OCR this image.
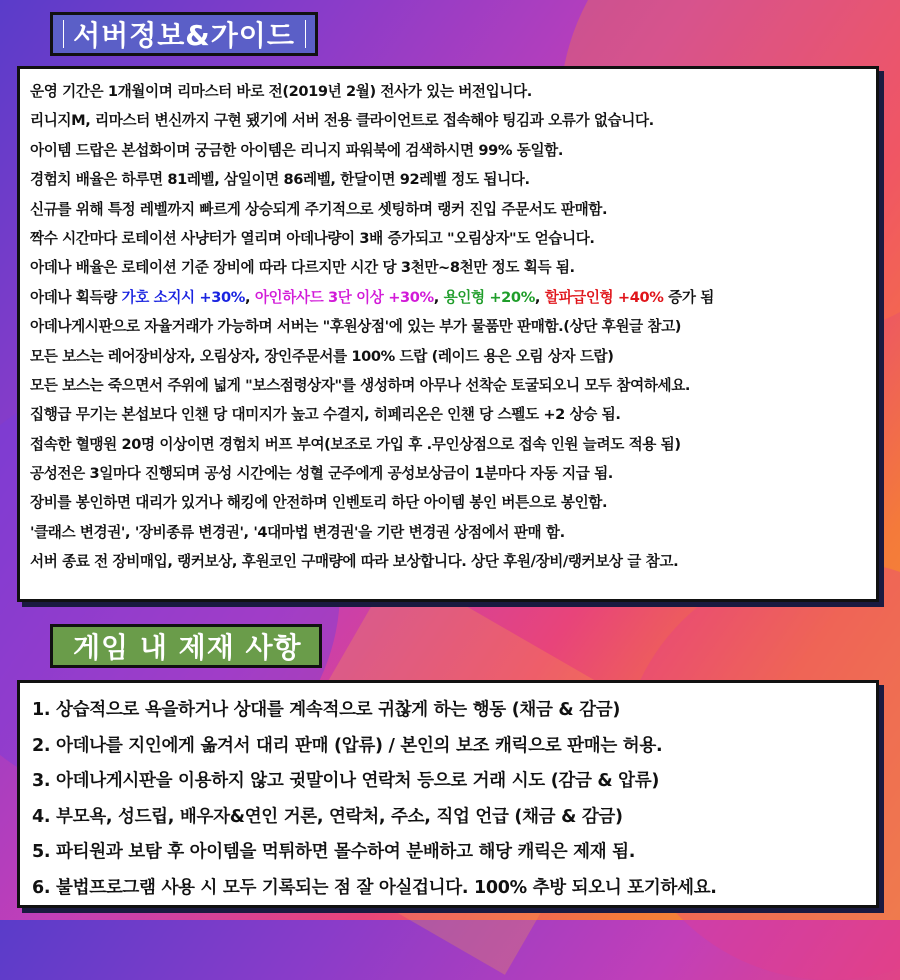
서버정보&가이드
운영 기간은 1개월이며 리마스터 바로 전(2019년 2월) 전사가 있는 버전입니다.
리니지M, 리마스터 변신까지 구현 됐기에 서버 전용 클라이언트로 접속해야 팅김과 오류가 없습니다.
아이템 드랍은 본섭화이며 궁금한 아이템은 리니지 파워북에 검색하시면 99% 동일함.
경험치 배율은 하루면 81레벨, 삼일이면 86레벨, 한달이면 92레벨 정도 됩니다.
신규를 위해 특정 레벨까지 빠르게 상승되게 주기적으로 셋팅하며 랭커 진입 주문서도 판매함.
짝수 시간마다 로테이션 사냥터가 열리며 아데나량이 3배 증가되고 "오림상자"도 얻습니다.
아데나 배율은 로테이션 기준 장비에 따라 다르지만 시간 당 3천만~8천만 정도 획득 됨.
아데나 획득량 가호 소지시 +30%, 아인하사드 3단 이상 +30%, 용인형 +20%, 할파급인형 +40% 증가 됨
아데나게시판으로 자율거래가 가능하며 서버는 "후원상점'에 있는 부가 물품만 판매함.(상단 후원글 참고)
모든 보스는 레어장비상자, 오림상자, 장인주문서를 100% 드랍 (레이드 용은 오림 상자 드랍)
모든 보스는 죽으면서 주위에 넓게 "보스점령상자"를 생성하며 아무나 선착순 토굴되오니 모두 참여하세요.
집행급 무기는 본섭보다 인챈 당 대미지가 높고 수결지, 히페리온은 인챈 당 스펠도 +2 상승 됨.
접속한 혈맹원 20명 이상이면 경험치 버프 부여(보조로 가입 후 .무인상점으로 접속 인원 늘려도 적용 됨)
공성전은 3일마다 진행되며 공성 시간에는 성혈 군주에게 공성보상금이 1분마다 자동 지급 됨.
장비를 봉인하면 대리가 있거나 해킹에 안전하며 인벤토리 하단 아이템 봉인 버튼으로 봉인함.
'클래스 변경권', '장비종류 변경권', '4대마법 변경권'을 기란 변경권 상점에서 판매 함.
서버 종료 전 장비매입, 랭커보상, 후원코인 구매량에 따라 보상합니다. 상단 후원/장비/랭커보상 글 참고.
게임 내 제재 사항
1. 상습적으로 욕을하거나 상대를 계속적으로 귀찮게 하는 행동 (채금 & 감금)
2. 아데나를 지인에게 옮겨서 대리 판매 (압류) / 본인의 보조 캐릭으로 판매는 허용.
3. 아데나게시판을 이용하지 않고 귓말이나 연락처 등으로 거래 시도 (감금 & 압류)
4. 부모욕, 성드립, 배우자&연인 거론, 연락처, 주소, 직업 언급 (채금 & 감금)
5. 파티원과 보탐 후 아이템을 먹튀하면 몰수하여 분배하고 해당 캐릭은 제재 됨.
6. 불법프로그램 사용 시 모두 기록되는 점 잘 아실겁니다. 100% 추방 되오니 포기하세요.
